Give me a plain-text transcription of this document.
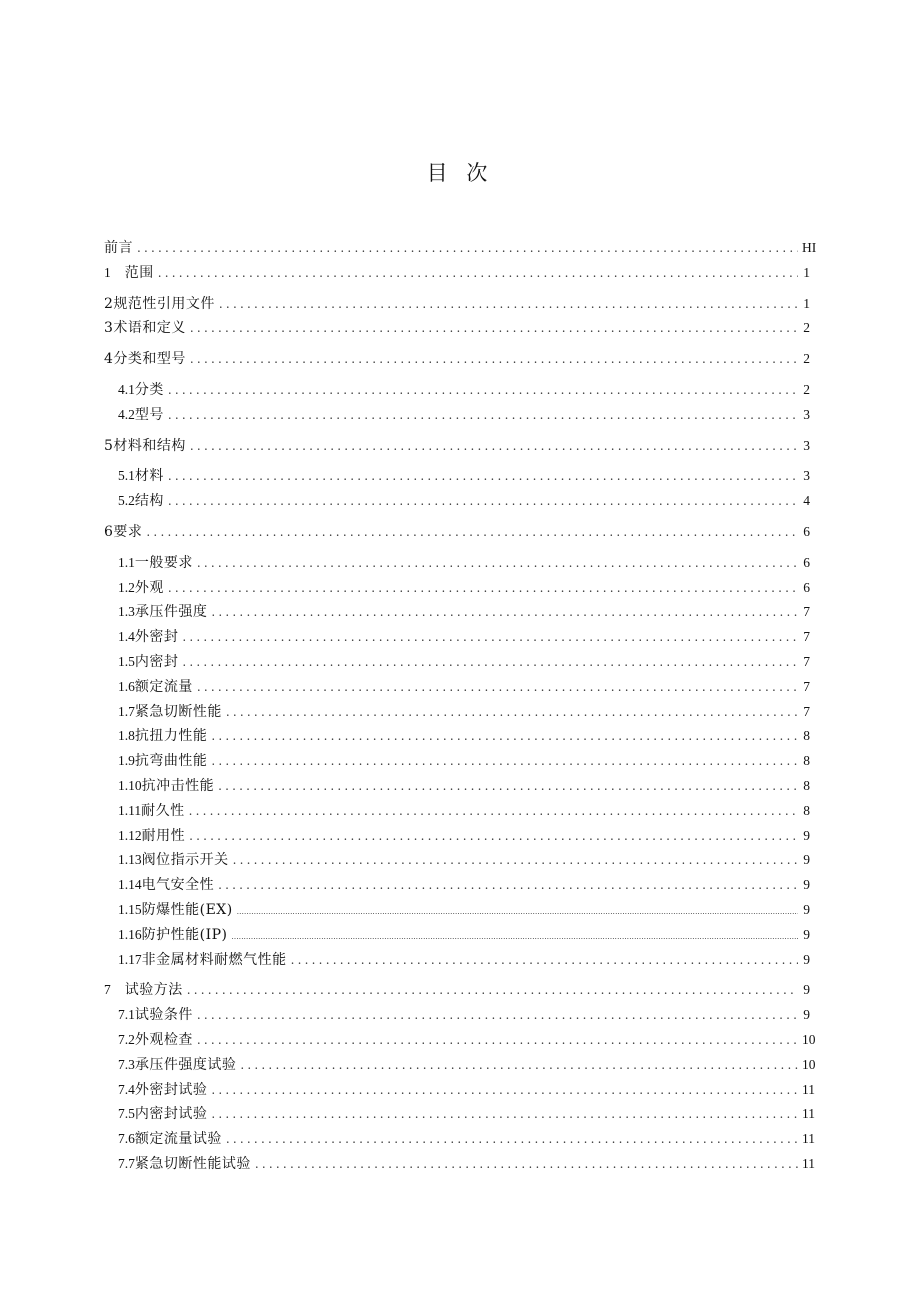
目 次
前言 .....	HI
1 范围 .....	1
2规范性引用文件 .....	1
3术语和定义 .....	2
4分类和型号 .....	2
4.1 分类 .....	2
4.2 型号 .....	3
5材料和结构 .....	3
5.1 材料 .....	3
5.2 结构 .....	4
6要求 .....	6
1.1 一般要求 .....	6
1.2 外观 .....	6
1.3 承压件强度 .....	7
1.4 外密封 .....	7
1.5 内密封 .....	7
1.6 额定流量 .....	7
1.7 紧急切断性能 .....	7
1.8 抗扭力性能 .....	8
1.9 抗弯曲性能 .....	8
1.10 抗冲击性能 .....	8
1.11 耐久性 .....	8
1.12 耐用性 .....	9
1.13 阀位指示开关 .....	9
1.14 电气安全性 .....	9
1.15 防爆性能(EX) .....	9
1.16 防护性能(IP) .....	9
1.17 非金属材料耐燃气性能 .....	9
7 试验方法 .....	9
7.1 试验条件 .....	9
7.2 外观检查 .....	10
7.3 承压件强度试验 .....	10
7.4 外密封试验 .....	11
7.5 内密封试验 .....	11
7.6 额定流量试验 .....	11
7.7 紧急切断性能试验 .....	11
